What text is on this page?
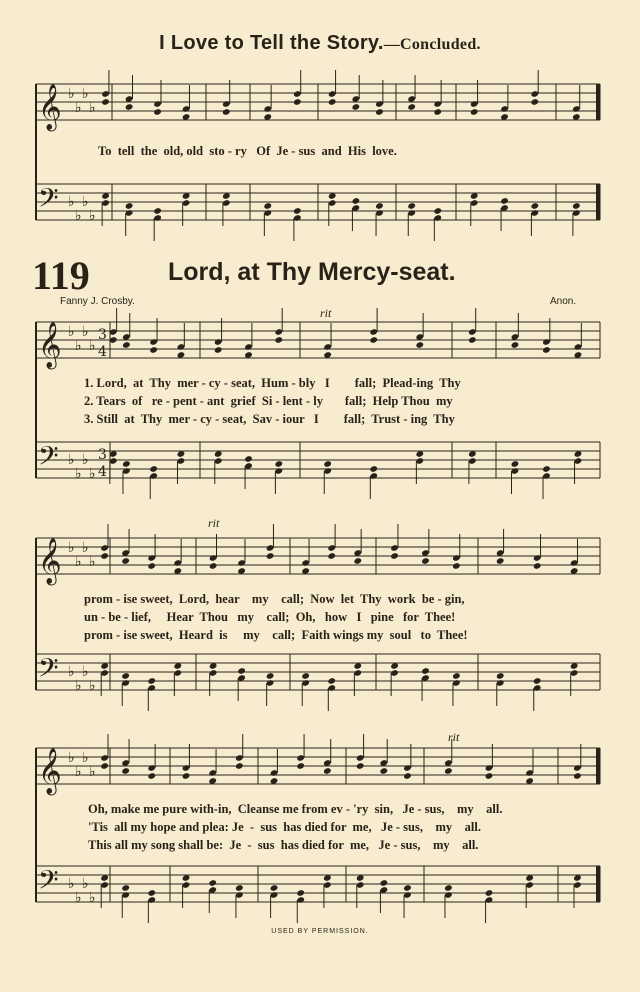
I Love to Tell the Story.—Concluded.
119	Lord, at Thy Mercy-seat.
Fanny J. Crosby.	Anon.
rit
rit
rit
To  tell  the  old, old  sto - ry   Of  Je - sus  and  His  love.
1. Lord,  at  Thy  mer - cy - seat,  Hum - bly   I        fall;  Plead-ing  Thy
2. Tears  of   re - pent - ant  grief  Si - lent - ly       fall;  Help Thou  my
3. Still  at  Thy  mer - cy - seat,  Sav - iour   I        fall;  Trust - ing  Thy
prom - ise sweet,  Lord,  hear    my    call;  Now  let  Thy  work  be - gin,
un - be - lief,     Hear  Thou   my    call;  Oh,   how   I   pine   for  Thee!
prom - ise sweet,  Heard  is     my    call;  Faith wings my  soul   to  Thee!
Oh, make me pure with-in,  Cleanse me from ev - 'ry  sin,   Je - sus,    my    all.
'Tis  all my hope and plea: Je  -  sus  has died for  me,   Je - sus,    my    all.
This all my song shall be:  Je  -  sus  has died for  me,   Je - sus,    my    all.
USED BY PERMISSION.
𝄞
𝄢
♭
♭
♭
♭
♭
♭
♭
♭
𝄞
𝄢
♭
♭
♭
♭
♭
♭
♭
♭
3
4
3
4
𝄞
𝄢
♭
♭
♭
♭
♭
♭
♭
♭
𝄞
𝄢
♭
♭
♭
♭
♭
♭
♭
♭
